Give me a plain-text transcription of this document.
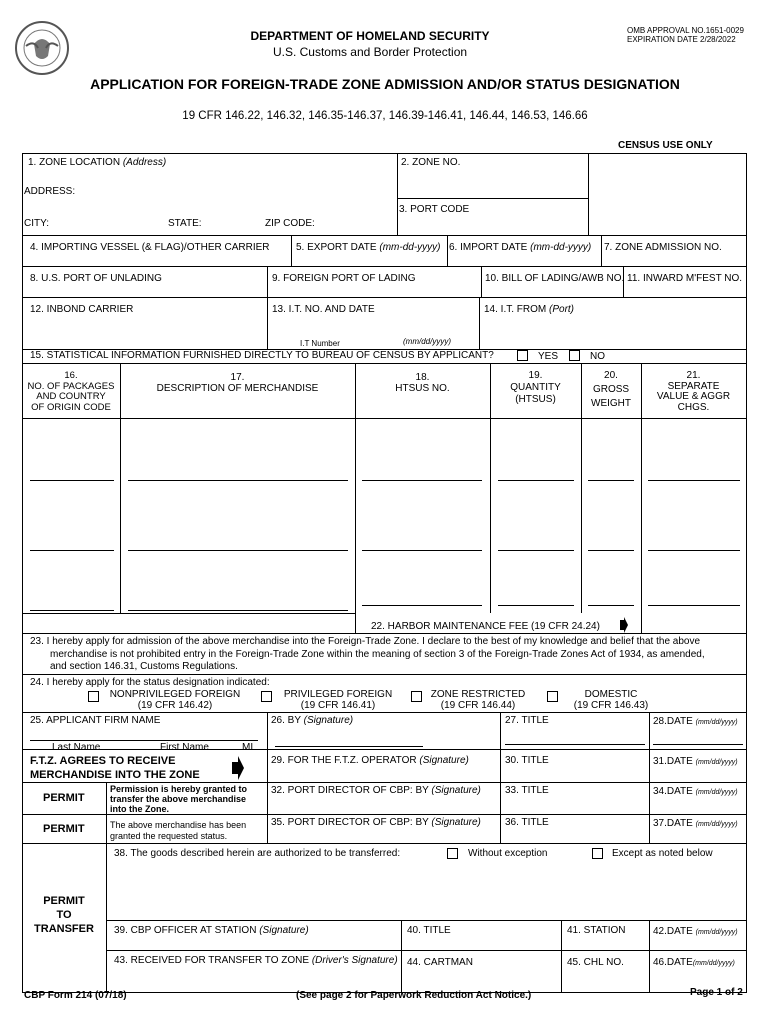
DEPARTMENT OF HOMELAND SECURITY
U.S. Customs and Border Protection
OMB APPROVAL NO.1651-0029
EXPIRATION DATE 2/28/2022
APPLICATION FOR FOREIGN-TRADE ZONE ADMISSION AND/OR STATUS DESIGNATION
19 CFR 146.22, 146.32, 146.35-146.37, 146.39-146.41, 146.44, 146.53, 146.66
CENSUS USE ONLY
1. ZONE LOCATION (Address)
ADDRESS:
CITY:	STATE:	ZIP CODE:
2. ZONE NO.
3. PORT CODE
4. IMPORTING VESSEL (& FLAG)/OTHER CARRIER	5. EXPORT DATE (mm-dd-yyyy) 6. IMPORT DATE (mm-dd-yyyy) 7. ZONE ADMISSION NO.
8. U.S. PORT OF UNLADING	9. FOREIGN PORT OF LADING	10. BILL OF LADING/AWB NO. 11. INWARD M'FEST NO.
12. INBOND CARRIER	13. I.T. NO. AND DATE
I.T Number	(mm/dd/yyyy)
14. I.T. FROM (Port)
15. STATISTICAL INFORMATION FURNISHED DIRECTLY TO BUREAU OF CENSUS BY APPLICANT?	YES	NO
16.
NO. OF PACKAGES
AND COUNTRY
OF ORIGIN CODE
17.
DESCRIPTION OF MERCHANDISE
18.
HTSUS NO.
19.
QUANTITY
(HTSUS)
20.
GROSS
WEIGHT
21.
SEPARATE
VALUE & AGGR
CHGS.
22. HARBOR MAINTENANCE FEE (19 CFR 24.24)
23. I hereby apply for admission of the above merchandise into the Foreign-Trade Zone. I declare to the best of my knowledge and belief that the above
merchandise is not prohibited entry in the Foreign-Trade Zone within the meaning of section 3 of the Foreign-Trade Zones Act of 1934, as amended,
and section 146.31, Customs Regulations.
24. I hereby apply for the status designation indicated:
NONPRIVILEGED FOREIGN
(19 CFR 146.42)
PRIVILEGED FOREIGN
(19 CFR 146.41)
ZONE RESTRICTED
(19 CFR 146.44)
DOMESTIC
(19 CFR 146.43)
25. APPLICANT FIRM NAME
Last Name	First Name	MI
26. BY (Signature)	27. TITLE	28.DATE (mm/dd/yyyy)
F.T.Z. AGREES TO RECEIVE
MERCHANDISE INTO THE ZONE
29. FOR THE F.T.Z. OPERATOR (Signature)	30. TITLE	31.DATE (mm/dd/yyyy)
PERMIT
Permission is hereby granted to
transfer the above merchandise
into the Zone.
32. PORT DIRECTOR OF CBP: BY (Signature) 33. TITLE	34.DATE (mm/dd/yyyy)
PERMIT	The above merchandise has been
granted the requested status.
35. PORT DIRECTOR OF CBP: BY (Signature) 36. TITLE	37.DATE (mm/dd/yyyy)
PERMIT
TO
TRANSFER
38. The goods described herein are authorized to be transferred:	Without exception	Except as noted below
39. CBP OFFICER AT STATION (Signature)	40. TITLE	41. STATION	42.DATE (mm/dd/yyyy)
43. RECEIVED FOR TRANSFER TO ZONE (Driver's Signature) 44. CARTMAN	45. CHL NO.	46.DATE(mm/dd/yyyy)
CBP Form 214 (07/18)	(See page 2 for Paperwork Reduction Act Notice.)	Page 1 of 2
